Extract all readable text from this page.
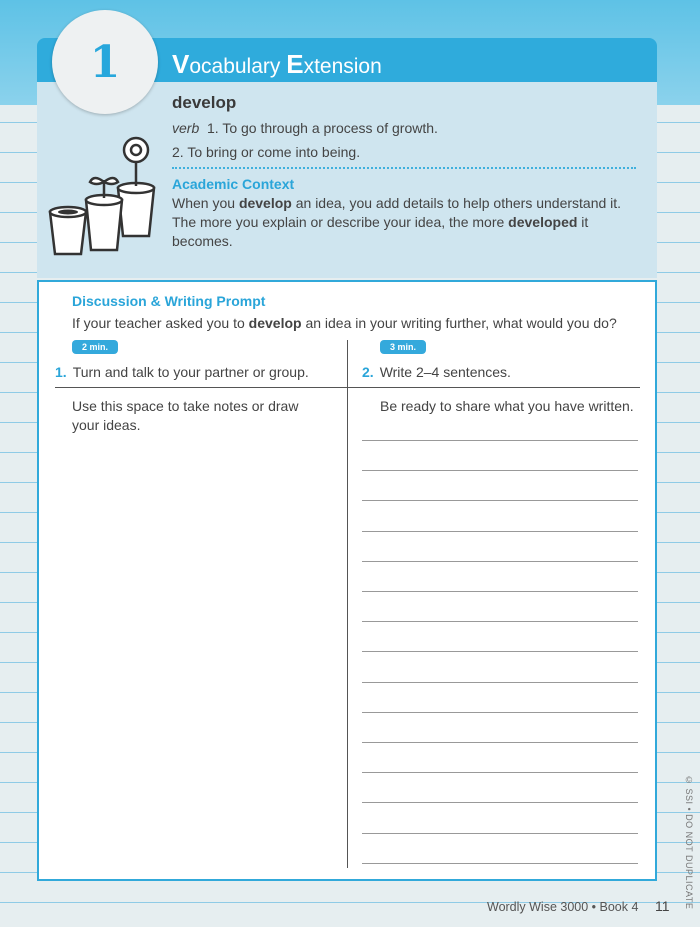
1 Vocabulary Extension
develop
verb 1. To go through a process of growth.
2. To bring or come into being.
Academic Context
When you develop an idea, you add details to help others understand it. The more you explain or describe your idea, the more developed it becomes.
Discussion & Writing Prompt
If your teacher asked you to develop an idea in your writing further, what would you do?
2 min.	3 min.
1. Turn and talk to your partner or group.	2. Write 2–4 sentences.
Use this space to take notes or draw your ideas.
Be ready to share what you have written.
Wordly Wise 3000 • Book 4 11 © SSI • DO NOT DUPLICATE
